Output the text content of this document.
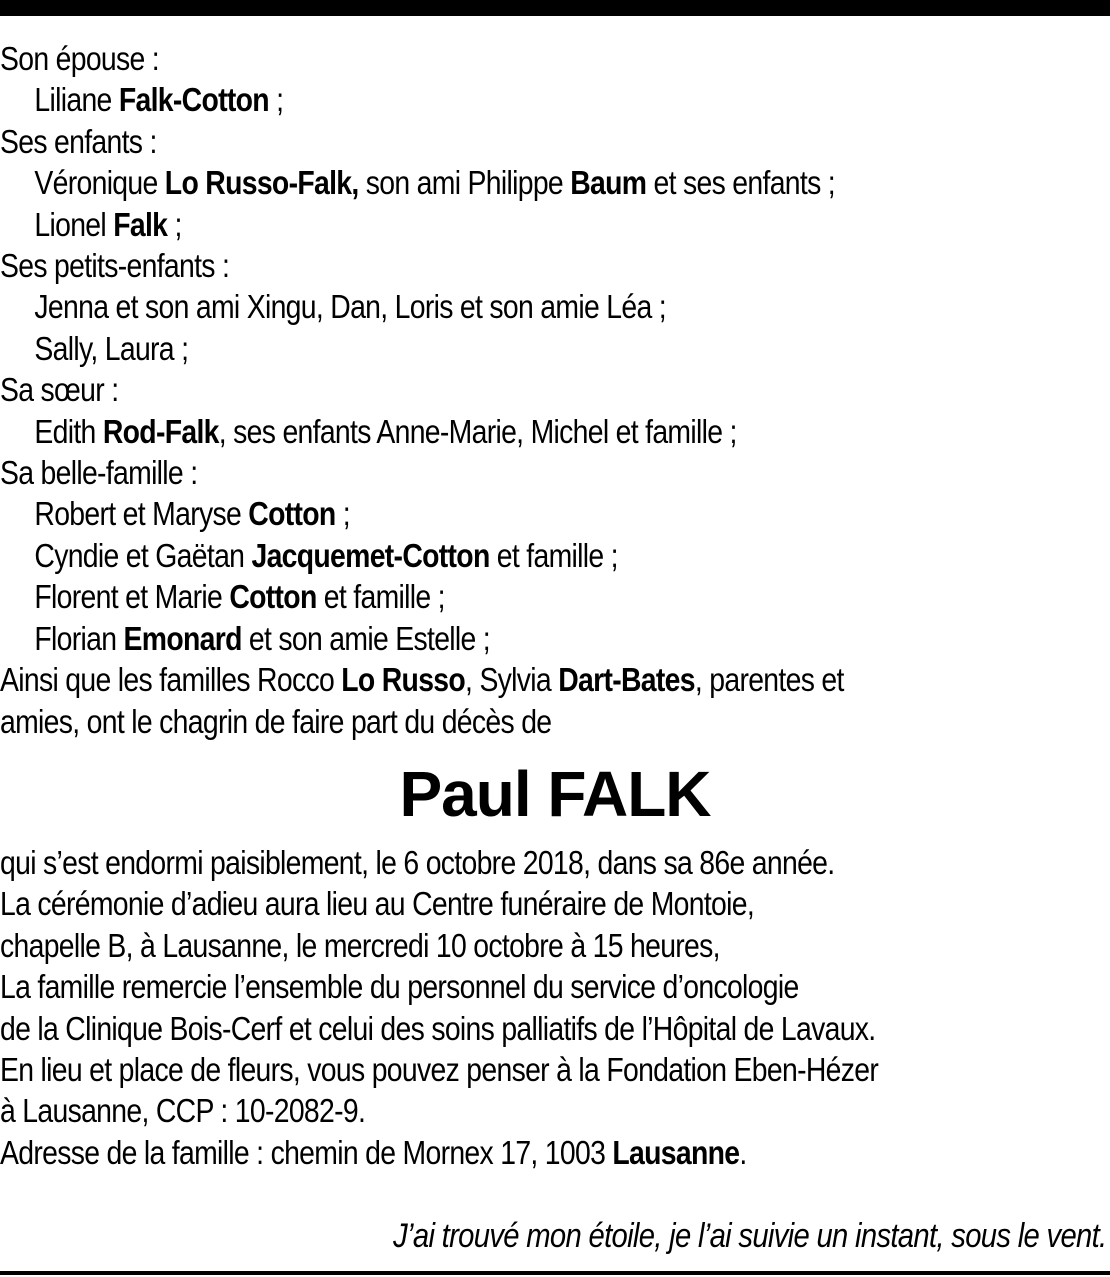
Son épouse :
Liliane Falk-Cotton ;
Ses enfants :
Véronique Lo Russo-Falk, son ami Philippe Baum et ses enfants ;
Lionel Falk ;
Ses petits-enfants :
Jenna et son ami Xingu, Dan, Loris et son amie Léa ;
Sally, Laura ;
Sa sœur :
Edith Rod-Falk, ses enfants Anne-Marie, Michel et famille ;
Sa belle-famille :
Robert et Maryse Cotton ;
Cyndie et Gaëtan Jacquemet-Cotton et famille ;
Florent et Marie Cotton et famille ;
Florian Emonard et son amie Estelle ;
Ainsi que les familles Rocco Lo Russo, Sylvia Dart-Bates, parentes et
amies, ont le chagrin de faire part du décès de
Paul FALK
qui s’est endormi paisiblement, le 6 octobre 2018, dans sa 86e année.
La cérémonie d’adieu aura lieu au Centre funéraire de Montoie,
chapelle B, à Lausanne, le mercredi 10 octobre à 15 heures,
La famille remercie l’ensemble du personnel du service d’oncologie
de la Clinique Bois-Cerf et celui des soins palliatifs de l’Hôpital de Lavaux.
En lieu et place de fleurs, vous pouvez penser à la Fondation Eben-Hézer
à Lausanne, CCP : 10-2082-9.
Adresse de la famille : chemin de Mornex 17, 1003 Lausanne.
J’ai trouvé mon étoile, je l’ai suivie un instant, sous le vent.
